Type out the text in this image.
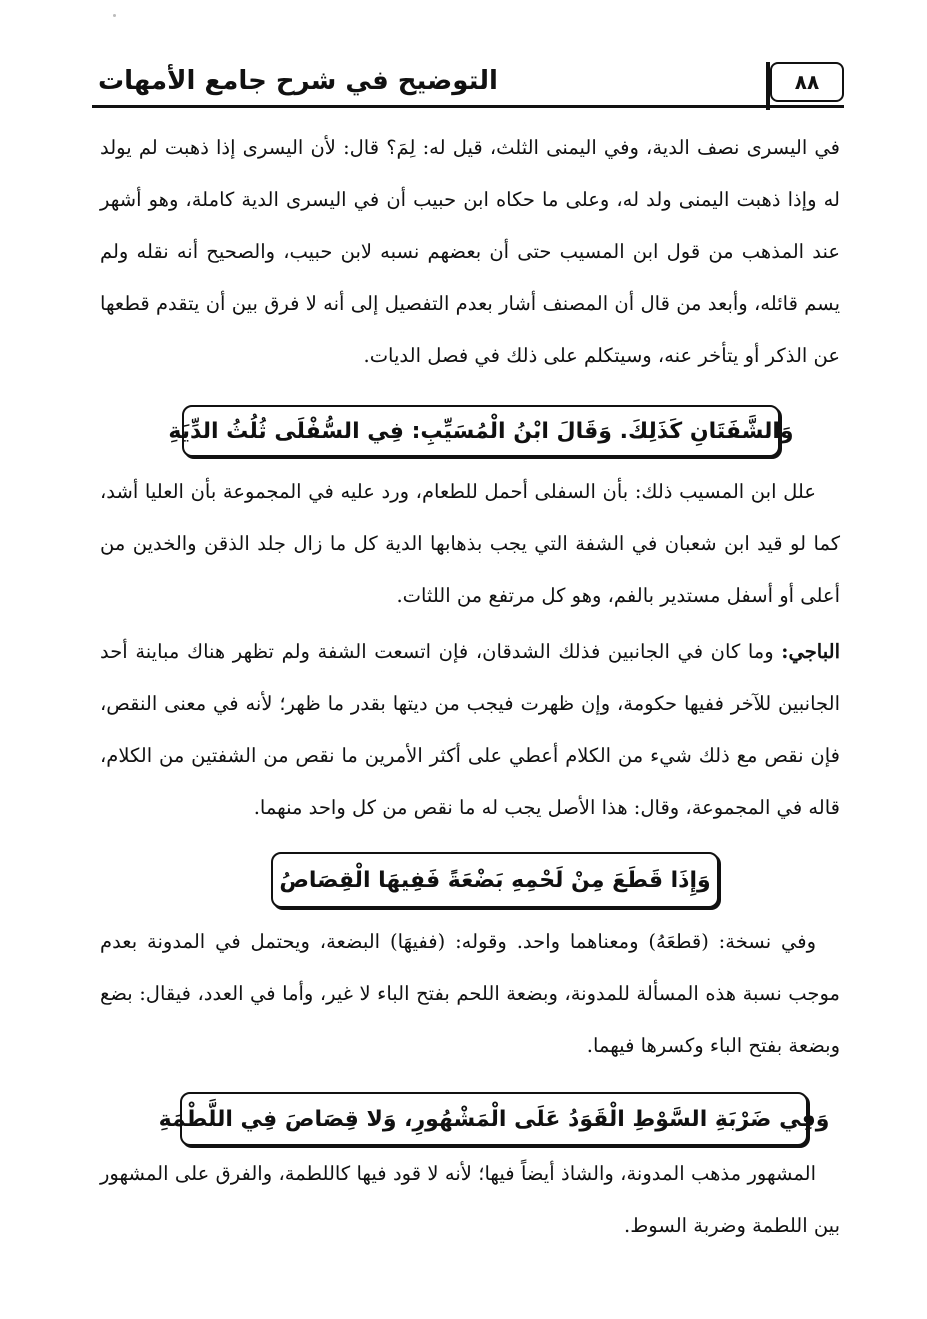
٨٨
التوضيح في شرح جامع الأمهات

في اليسرى نصف الدية، وفي اليمنى الثلث، قيل له: لِمَ؟ قال: لأن اليسرى إذا ذهبت لم يولد له وإذا ذهبت اليمنى ولد له، وعلى ما حكاه ابن حبيب أن في اليسرى الدية كاملة، وهو أشهر عند المذهب من قول ابن المسيب حتى أن بعضهم نسبه لابن حبيب، والصحيح أنه نقله ولم يسم قائله، وأبعد من قال أن المصنف أشار بعدم التفصيل إلى أنه لا فرق بين أن يتقدم قطعها عن الذكر أو يتأخر عنه، وسيتكلم على ذلك في فصل الديات.

وَالشَّفَتَانِ كَذَلِكَ. وَقَالَ ابْنُ الْمُسَيِّبِ: فِي السُّفْلَى ثُلُثُ الدِّيَةِ

علل ابن المسيب ذلك: بأن السفلى أحمل للطعام، ورد عليه في المجموعة بأن العليا أشد، كما لو قيد ابن شعبان في الشفة التي يجب بذهابها الدية كل ما زال جلد الذقن والخدين من أعلى أو أسفل مستدير بالفم، وهو كل مرتفع من اللثات.

الباجي: وما كان في الجانبين فذلك الشدقان، فإن اتسعت الشفة ولم تظهر هناك مباينة أحد الجانبين للآخر ففيها حكومة، وإن ظهرت فيجب من ديتها بقدر ما ظهر؛ لأنه في معنى النقص، فإن نقص مع ذلك شيء من الكلام أعطي على أكثر الأمرين ما نقص من الشفتين من الكلام، قاله في المجموعة، وقال: هذا الأصل يجب له ما نقص من كل واحد منهما.

وَإِذَا قَطَعَ مِنْ لَحْمِهِ بَضْعَةً فَفِيهَا الْقِصَاصُ

وفي نسخة: (قطعَهُ) ومعناهما واحد. وقوله: (ففيهَا) البضعة، ويحتمل في المدونة بعدم موجب نسبة هذه المسألة للمدونة، وبضعة اللحم بفتح الباء لا غير، وأما في العدد، فيقال: بضع وبضعة بفتح الباء وكسرها فيهما.

وَفِي ضَرْبَةِ السَّوْطِ الْقَوَدُ عَلَى الْمَشْهُورِ، وَلا قِصَاصَ فِي اللَّطْمَةِ

المشهور مذهب المدونة، والشاذ أيضاً فيها؛ لأنه لا قود فيها كاللطمة، والفرق على المشهور بين اللطمة وضربة السوط.
